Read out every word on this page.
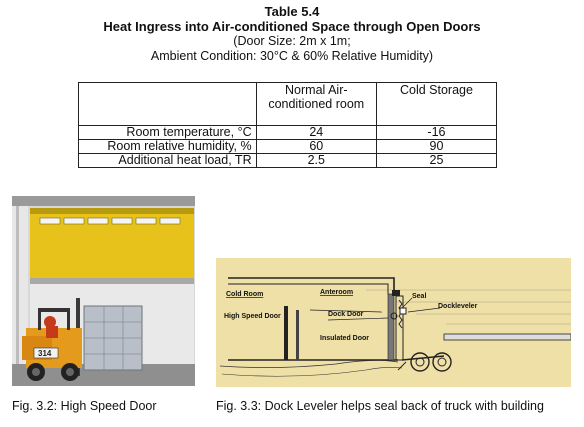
Table 5.4
Heat Ingress into Air-conditioned Space through Open Doors
(Door Size: 2m x 1m;
Ambient Condition: 30°C & 60% Relative Humidity)
	Normal Air-conditioned room	Cold Storage
Room temperature, °C	24	-16
Room relative humidity, %	60	90
Additional heat load, TR	2.5	25
314
Cold Room	Anteroom
Seal
Dockleveler
High Speed Door	Dock Door
Insulated Door
Fig. 3.2: High Speed Door	Fig. 3.3: Dock Leveler helps seal back of truck with building
